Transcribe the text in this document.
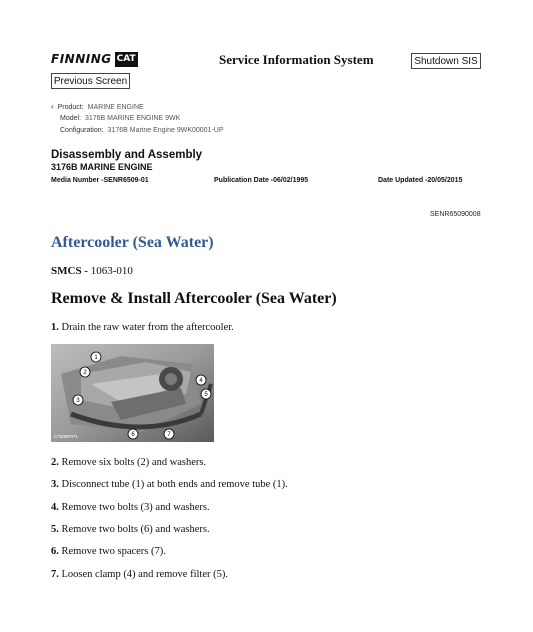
FINNING CAT	Service Information System	Shutdown SIS
Previous Screen
‹ Product: MARINE ENGINE
Model: 3176B MARINE ENGINE 9WK
Configuration: 3176B Marine Engine 9WK00001-UP
Disassembly and Assembly
3176B MARINE ENGINE
Media Number -SENR6509-01	Publication Date -06/02/1995	Date Updated -20/05/2015
SENR65090008
Aftercooler (Sea Water)
SMCS - 1063-010
Remove & Install Aftercooler (Sea Water)
1. Drain the raw water from the aftercooler.
1
2
3
4
5
6	7
C760897P1
2. Remove six bolts (2) and washers.
3. Disconnect tube (1) at both ends and remove tube (1).
4. Remove two bolts (3) and washers.
5. Remove two bolts (6) and washers.
6. Remove two spacers (7).
7. Loosen clamp (4) and remove filter (5).
